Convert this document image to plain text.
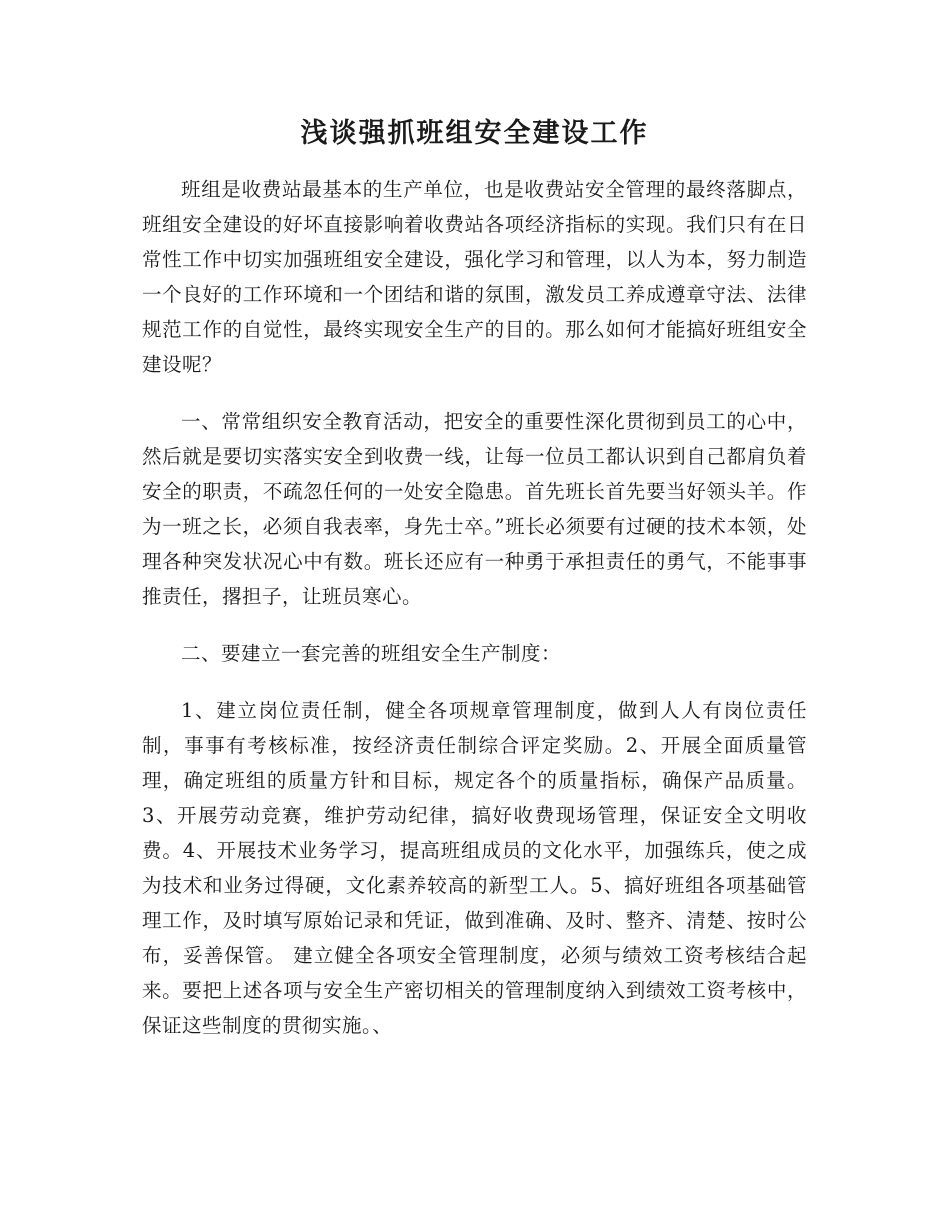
浅谈强抓班组安全建设工作

班组是收费站最基本的生产单位，也是收费站安全管理的最终落脚点，班组安全建设的好坏直接影响着收费站各项经济指标的实现。我们只有在日常性工作中切实加强班组安全建设，强化学习和管理，以人为本，努力制造一个良好的工作环境和一个团结和谐的氛围，激发员工养成遵章守法、法律规范工作的自觉性，最终实现安全生产的目的。那么如何才能搞好班组安全建设呢？

一、常常组织安全教育活动，把安全的重要性深化贯彻到员工的心中，然后就是要切实落实安全到收费一线，让每一位员工都认识到自己都肩负着安全的职责，不疏忽任何的一处安全隐患。首先班长首先要当好领头羊。作为一班之长，必须自我表率，身先士卒。”班长必须要有过硬的技术本领，处理各种突发状况心中有数。班长还应有一种勇于承担责任的勇气，不能事事推责任，撂担子，让班员寒心。

二、要建立一套完善的班组安全生产制度：

1、建立岗位责任制，健全各项规章管理制度，做到人人有岗位责任制，事事有考核标准，按经济责任制综合评定奖励。2、开展全面质量管理，确定班组的质量方针和目标，规定各个的质量指标，确保产品质量。3、开展劳动竞赛，维护劳动纪律，搞好收费现场管理，保证安全文明收费。4、开展技术业务学习，提高班组成员的文化水平，加强练兵，使之成为技术和业务过得硬，文化素养较高的新型工人。5、搞好班组各项基础管理工作，及时填写原始记录和凭证，做到准确、及时、整齐、清楚、按时公布，妥善保管。 建立健全各项安全管理制度，必须与绩效工资考核结合起来。要把上述各项与安全生产密切相关的管理制度纳入到绩效工资考核中，保证这些制度的贯彻实施。、
